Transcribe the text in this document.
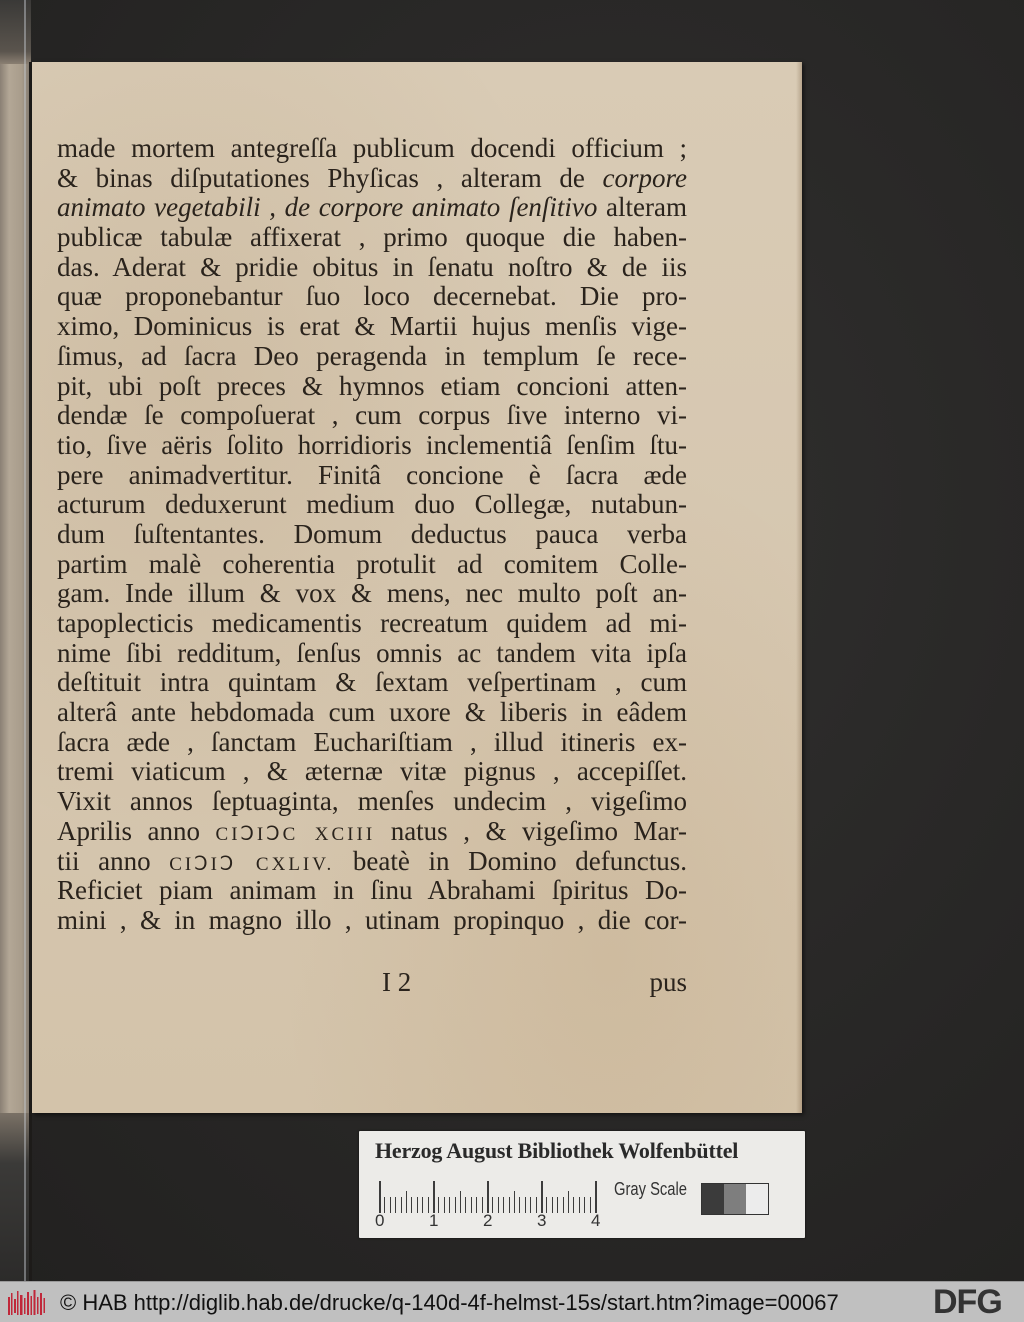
made mortem antegreſſa publicum docendi officium ;
& binas diſputationes Phyſicas , alteram de corpore
animato vegetabili , de corpore animato ſenſitivo alteram
publicæ tabulæ affixerat , primo quoque die haben-
das. Aderat & pridie obitus in ſenatu noſtro & de iis
quæ proponebantur ſuo loco decernebat. Die pro-
ximo, Dominicus is erat & Martii hujus menſis vige-
ſimus, ad ſacra Deo peragenda in templum ſe rece-
pit, ubi poſt preces & hymnos etiam concioni atten-
dendæ ſe compoſuerat , cum corpus ſive interno vi-
tio, ſive aëris ſolito horridioris inclementiâ ſenſim ſtu-
pere animadvertitur. Finitâ concione è ſacra æde
acturum deduxerunt medium duo Collegæ, nutabun-
dum ſuſtentantes. Domum deductus pauca verba
partim malè coherentia protulit ad comitem Colle-
gam. Inde illum & vox & mens, nec multo poſt an-
tapoplecticis medicamentis recreatum quidem ad mi-
nime ſibi redditum, ſenſus omnis ac tandem vita ipſa
deſtituit intra quintam & ſextam veſpertinam , cum
alterâ ante hebdomada cum uxore & liberis in eâdem
ſacra æde , ſanctam Euchariſtiam , illud itineris ex-
tremi viaticum , & æternæ vitæ pignus , accepiſſet.
Vixit annos ſeptuaginta, menſes undecim , vigeſimo
Aprilis anno CIↃIↃC XCIII natus , & vigeſimo Mar-
tii anno CIↃIↃ CXLIV. beatè in Domino defunctus.
Reficiet piam animam in ſinu Abrahami ſpiritus Do-
mini , & in magno illo , utinam propinquo , die cor-
I 2	pus
Herzog August Bibliothek Wolfenbüttel
0	1	2	3	4
Gray Scale
© HAB http://diglib.hab.de/drucke/q-140d-4f-helmst-15s/start.htm?image=00067	DFG
